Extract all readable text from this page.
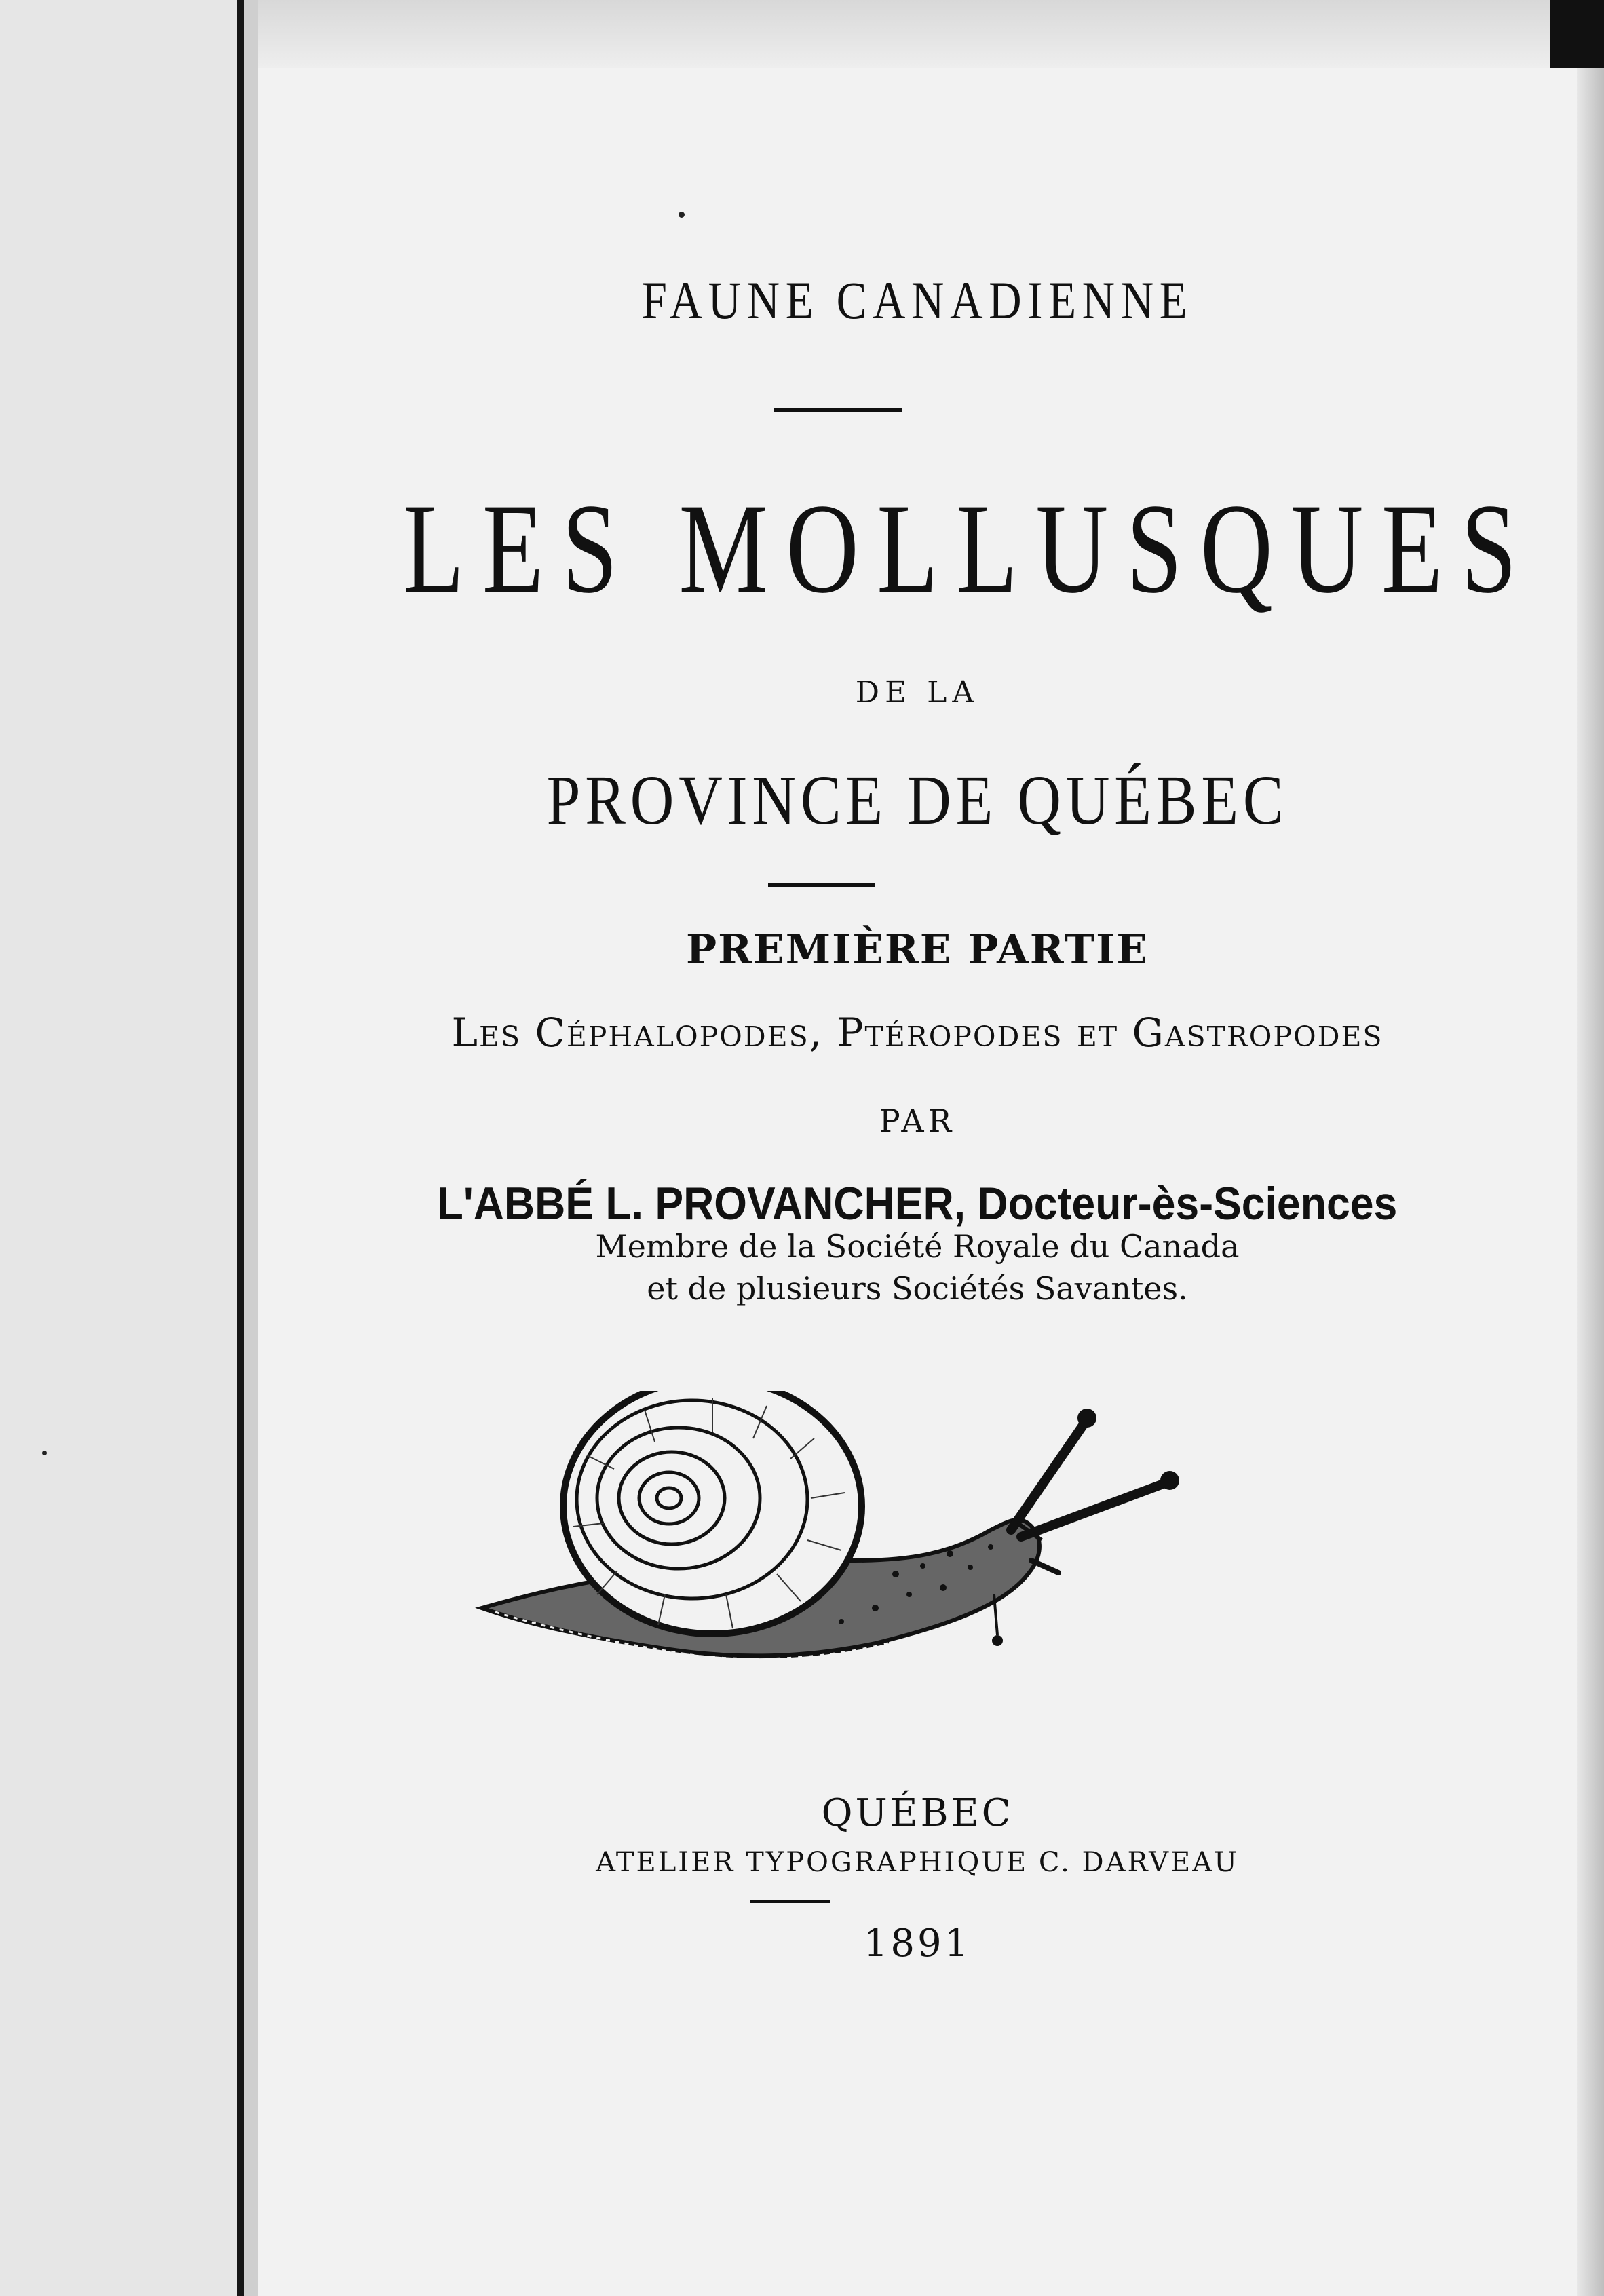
FAUNE CANADIENNE
LES MOLLUSQUES
DE LA
PROVINCE DE QUÉBEC
PREMIÈRE PARTIE
Les Céphalopodes, Ptéropodes et Gastropodes
PAR
L'ABBÉ L. PROVANCHER, Docteur-ès-Sciences
Membre de la Société Royale du Canada
et de plusieurs Sociétés Savantes.
QUÉBEC
ATELIER TYPOGRAPHIQUE C. DARVEAU
1891
